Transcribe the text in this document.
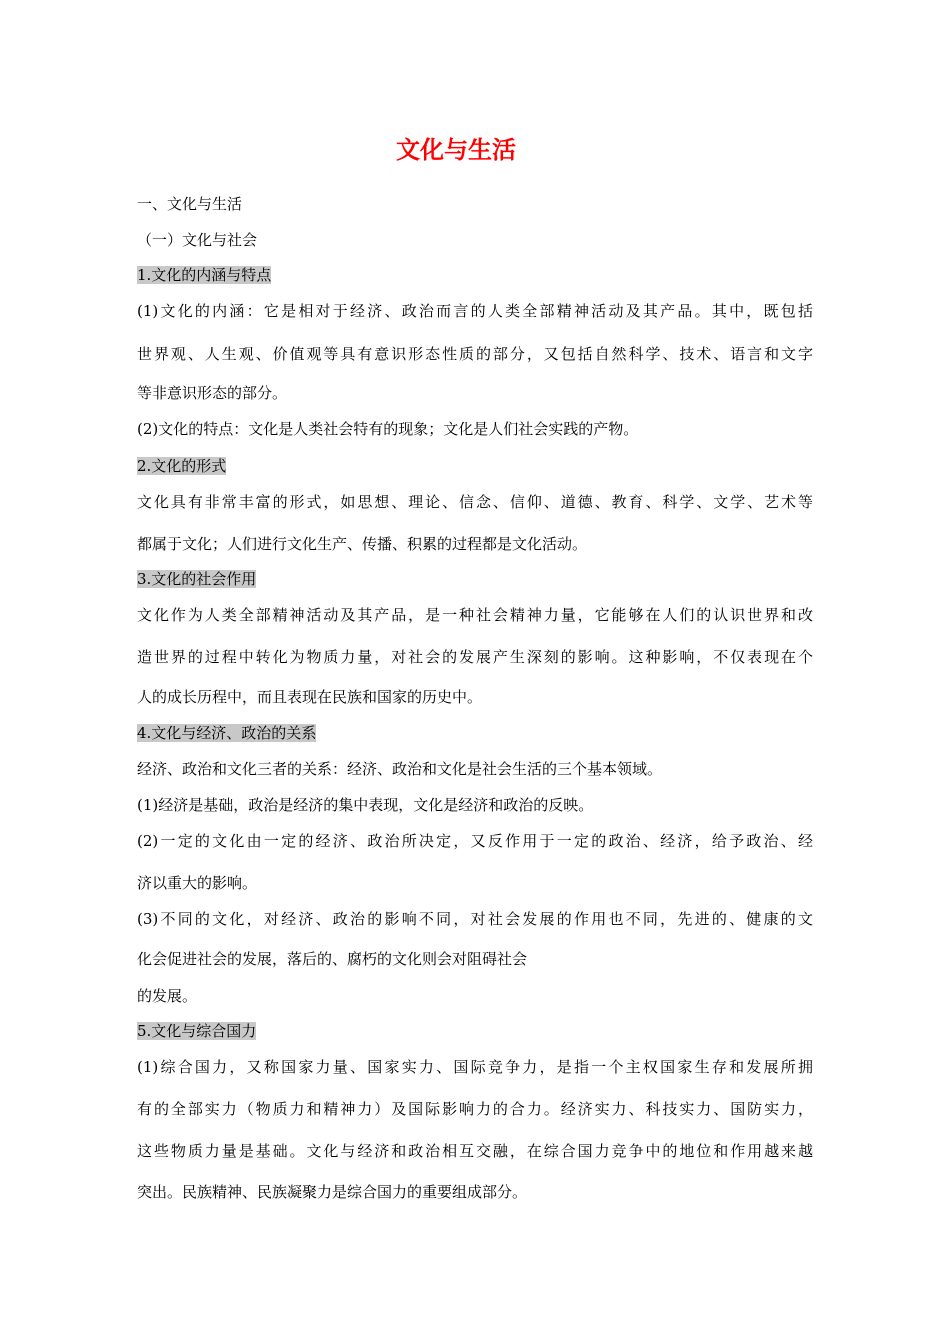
文化与生活
一、文化与生活
（一）文化与社会
1.文化的内涵与特点
(1)文化的内涵：它是相对于经济、政治而言的人类全部精神活动及其产品。其中，既包括
世界观、人生观、价值观等具有意识形态性质的部分，又包括自然科学、技术、语言和文字
等非意识形态的部分。
(2)文化的特点：文化是人类社会特有的现象；文化是人们社会实践的产物。
2.文化的形式
文化具有非常丰富的形式，如思想、理论、信念、信仰、道德、教育、科学、文学、艺术等
都属于文化；人们进行文化生产、传播、积累的过程都是文化活动。
3.文化的社会作用
文化作为人类全部精神活动及其产品，是一种社会精神力量，它能够在人们的认识世界和改
造世界的过程中转化为物质力量，对社会的发展产生深刻的影响。这种影响，不仅表现在个
人的成长历程中，而且表现在民族和国家的历史中。
4.文化与经济、政治的关系
经济、政治和文化三者的关系：经济、政治和文化是社会生活的三个基本领域。
(1)经济是基础，政治是经济的集中表现，文化是经济和政治的反映。
(2)一定的文化由一定的经济、政治所决定，又反作用于一定的政治、经济，给予政治、经
济以重大的影响。
(3)不同的文化，对经济、政治的影响不同，对社会发展的作用也不同，先进的、健康的文
化会促进社会的发展，落后的、腐朽的文化则会对阻碍社会
的发展。
5.文化与综合国力
(1)综合国力，又称国家力量、国家实力、国际竞争力，是指一个主权国家生存和发展所拥
有的全部实力（物质力和精神力）及国际影响力的合力。经济实力、科技实力、国防实力，
这些物质力量是基础。文化与经济和政治相互交融，在综合国力竞争中的地位和作用越来越
突出。民族精神、民族凝聚力是综合国力的重要组成部分。
